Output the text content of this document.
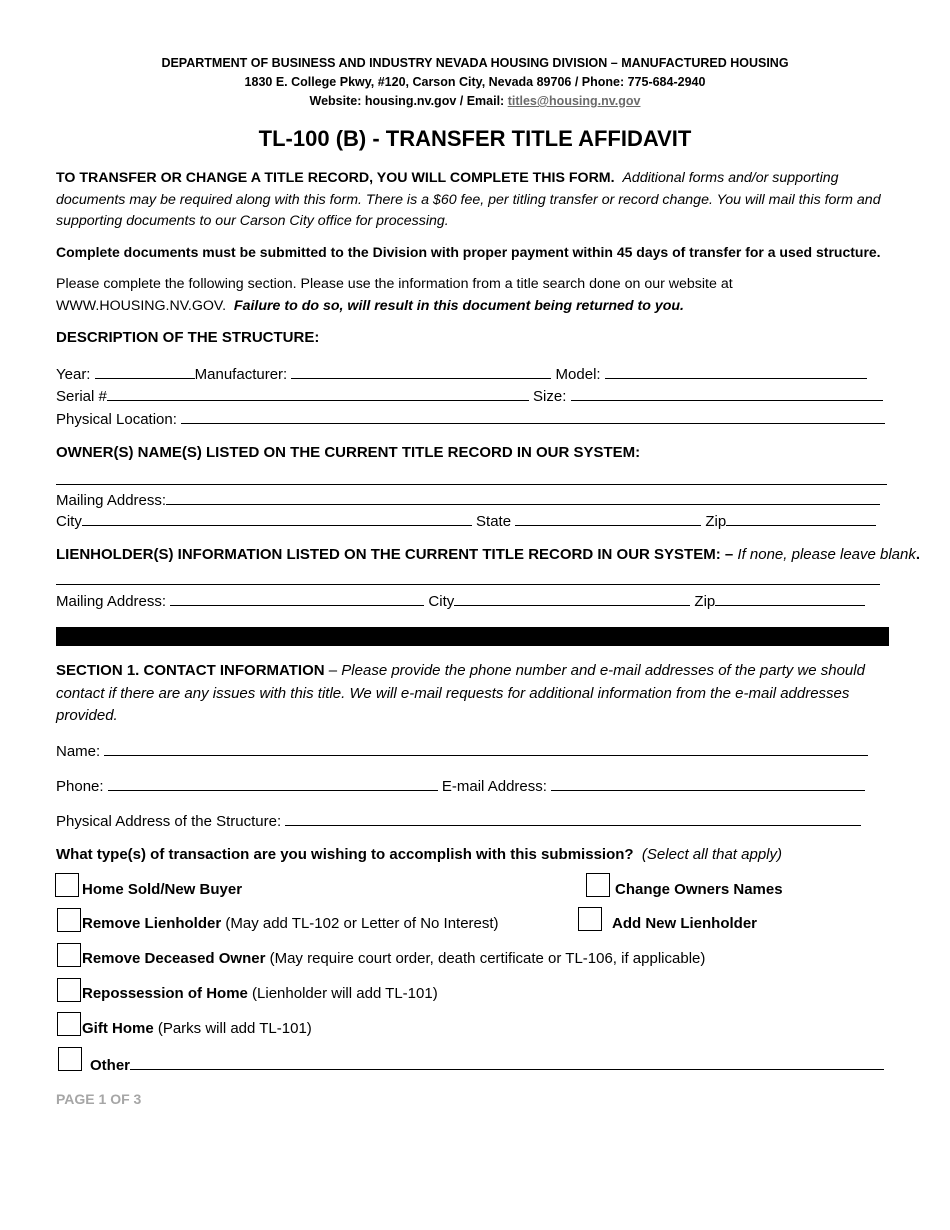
DEPARTMENT OF BUSINESS AND INDUSTRY NEVADA HOUSING DIVISION – MANUFACTURED HOUSING
1830 E. College Pkwy, #120, Carson City, Nevada 89706 / Phone: 775-684-2940
Website: housing.nv.gov / Email: titles@housing.nv.gov
TL-100 (B) - TRANSFER TITLE AFFIDAVIT
TO TRANSFER OR CHANGE A TITLE RECORD, YOU WILL COMPLETE THIS FORM. Additional forms and/or supporting documents may be required along with this form. There is a $60 fee, per titling transfer or record change. You will mail this form and supporting documents to our Carson City office for processing.
Complete documents must be submitted to the Division with proper payment within 45 days of transfer for a used structure.
Please complete the following section. Please use the information from a title search done on our website at WWW.HOUSING.NV.GOV. Failure to do so, will result in this document being returned to you.
DESCRIPTION OF THE STRUCTURE:
Year:	Manufacturer:	Model:
Serial #	Size:
Physical Location:
OWNER(S) NAME(S) LISTED ON THE CURRENT TITLE RECORD IN OUR SYSTEM:
Mailing Address:
City	State	Zip
LIENHOLDER(S) INFORMATION LISTED ON THE CURRENT TITLE RECORD IN OUR SYSTEM: – If none, please leave blank.
Mailing Address:	City	Zip
SECTION 1. CONTACT INFORMATION – Please provide the phone number and e-mail addresses of the party we should contact if there are any issues with this title. We will e-mail requests for additional information from the e-mail addresses provided.
Name:
Phone:	E-mail Address:
Physical Address of the Structure:
What type(s) of transaction are you wishing to accomplish with this submission? (Select all that apply)
Home Sold/New Buyer	Change Owners Names
Remove Lienholder (May add TL-102 or Letter of No Interest)	Add New Lienholder
Remove Deceased Owner (May require court order, death certificate or TL-106, if applicable)
Repossession of Home (Lienholder will add TL-101)
Gift Home (Parks will add TL-101)
Other
PAGE 1 OF 3
